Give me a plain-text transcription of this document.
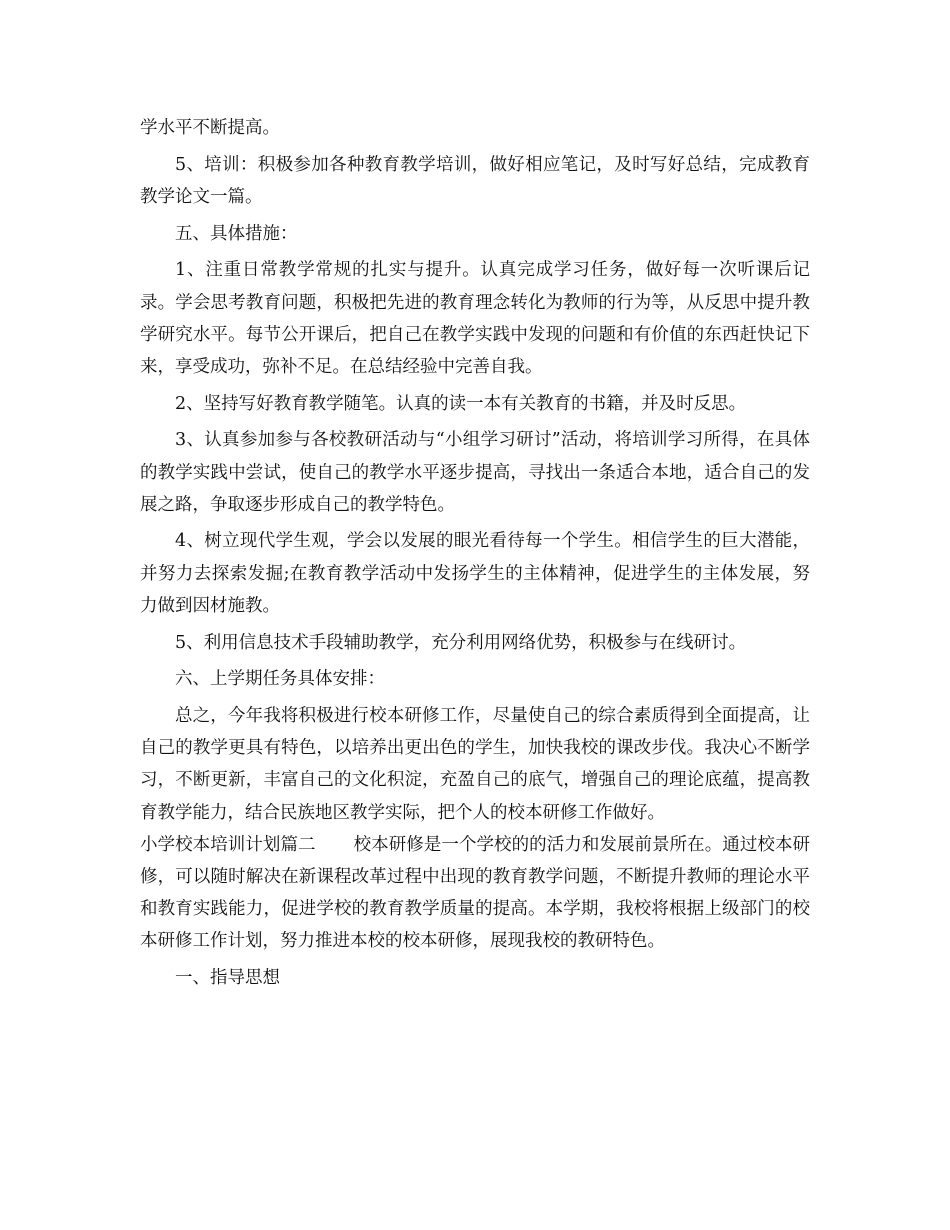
学水平不断提高。

5、培训：积极参加各种教育教学培训，做好相应笔记，及时写好总结，完成教育教学论文一篇。

五、具体措施：

1、注重日常教学常规的扎实与提升。认真完成学习任务，做好每一次听课后记录。学会思考教育问题，积极把先进的教育理念转化为教师的行为等，从反思中提升教学研究水平。每节公开课后，把自己在教学实践中发现的问题和有价值的东西赶快记下来，享受成功，弥补不足。在总结经验中完善自我。

2、坚持写好教育教学随笔。认真的读一本有关教育的书籍，并及时反思。

3、认真参加参与各校教研活动与“小组学习研讨”活动，将培训学习所得，在具体的教学实践中尝试，使自己的教学水平逐步提高，寻找出一条适合本地，适合自己的发展之路，争取逐步形成自己的教学特色。

4、树立现代学生观，学会以发展的眼光看待每一个学生。相信学生的巨大潜能，并努力去探索发掘;在教育教学活动中发扬学生的主体精神，促进学生的主体发展，努力做到因材施教。

5、利用信息技术手段辅助教学，充分利用网络优势，积极参与在线研讨。

六、上学期任务具体安排：

总之，今年我将积极进行校本研修工作，尽量使自己的综合素质得到全面提高，让自己的教学更具有特色，以培养出更出色的学生，加快我校的课改步伐。我决心不断学习，不断更新，丰富自己的文化积淀，充盈自己的底气，增强自己的理论底蕴，提高教育教学能力，结合民族地区教学实际，把个人的校本研修工作做好。

小学校本培训计划篇二 校本研修是一个学校的的活力和发展前景所在。通过校本研修，可以随时解决在新课程改革过程中出现的教育教学问题，不断提升教师的理论水平和教育实践能力，促进学校的教育教学质量的提高。本学期，我校将根据上级部门的校本研修工作计划，努力推进本校的校本研修，展现我校的教研特色。

一、指导思想
